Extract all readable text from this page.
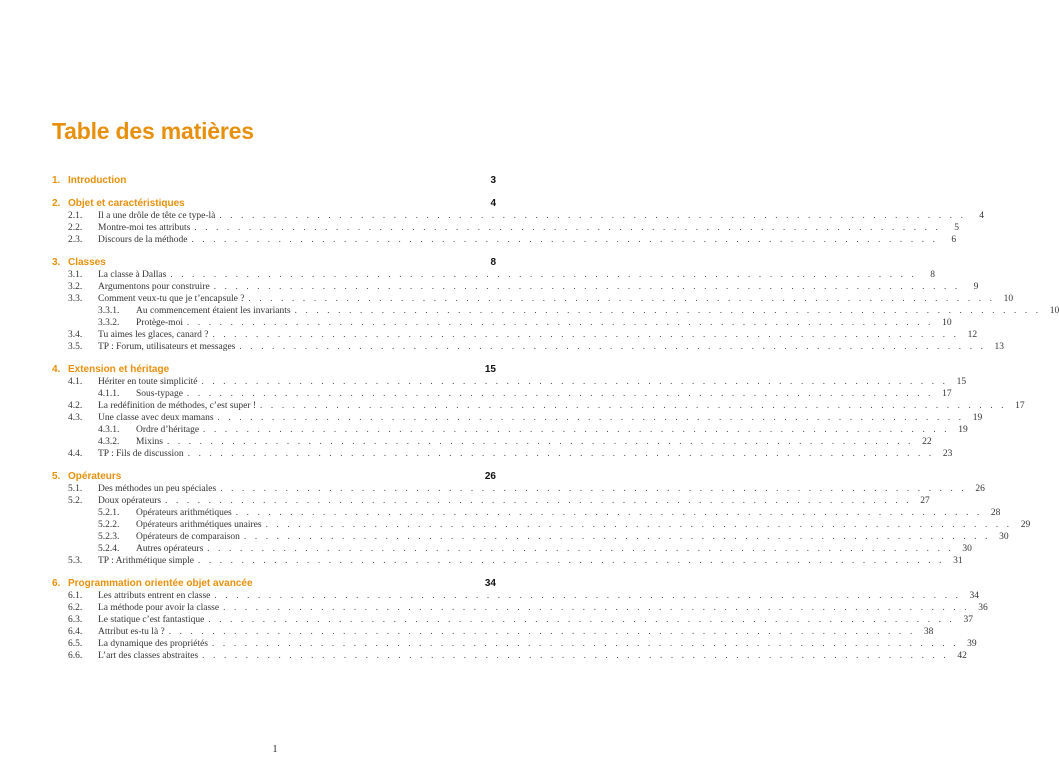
Table des matières
1. Introduction	3
2. Objet et caractéristiques	4
2.1.	Il a une drôle de tête ce type-là . . . . . . . . . . . . . . . . . . . . . . . . . . . . . . . . . . . . . . . . . . . . . . . . . . . . . . . . . . . . . . . . . . . . .	4
2.2.	Montre-moi tes attributs . . . . . . . . . . . . . . . . . . . . . . . . . . . . . . . . . . . . . . . . . . . . . . . . . . . . . . . . . . . . . . . . . . . . .	5
2.3.	Discours de la méthode . . . . . . . . . . . . . . . . . . . . . . . . . . . . . . . . . . . . . . . . . . . . . . . . . . . . . . . . . . . . . . . . . . . . .	6
3. Classes	8
3.1.	La classe à Dallas . . . . . . . . . . . . . . . . . . . . . . . . . . . . . . . . . . . . . . . . . . . . . . . . . . . . . . . . . . . . . . . . . . . . .	8
3.2.	Argumentons pour construire . . . . . . . . . . . . . . . . . . . . . . . . . . . . . . . . . . . . . . . . . . . . . . . . . . . . . . . . . . . . . . . . . . . . .	9
3.3.	Comment veux-tu que je t’encapsule ? . . . . . . . . . . . . . . . . . . . . . . . . . . . . . . . . . . . . . . . . . . . . . . . . . . . . . . . . . . . . . . . . . . . . . 10
3.3.1.	Au commencement étaient les invariants . . . . . . . . . . . . . . . . . . . . . . . . . . . . . . . . . . . . . . . . . . . . . . . . . . . . . . . . . . . . . . . . . . . . . 10
3.3.2.	Protège-moi . . . . . . . . . . . . . . . . . . . . . . . . . . . . . . . . . . . . . . . . . . . . . . . . . . . . . . . . . . . . . . . . . . . . . 10
3.4.	Tu aimes les glaces, canard ? . . . . . . . . . . . . . . . . . . . . . . . . . . . . . . . . . . . . . . . . . . . . . . . . . . . . . . . . . . . . . . . . . . . . . 12
3.5.	TP : Forum, utilisateurs et messages . . . . . . . . . . . . . . . . . . . . . . . . . . . . . . . . . . . . . . . . . . . . . . . . . . . . . . . . . . . . . . . . . . . . . 13
4. Extension et héritage	15
4.1.	Hériter en toute simplicité . . . . . . . . . . . . . . . . . . . . . . . . . . . . . . . . . . . . . . . . . . . . . . . . . . . . . . . . . . . . . . . . . . . . . 15
4.1.1.	Sous-typage . . . . . . . . . . . . . . . . . . . . . . . . . . . . . . . . . . . . . . . . . . . . . . . . . . . . . . . . . . . . . . . . . . . . . 17
4.2.	La redéfinition de méthodes, c’est super ! . . . . . . . . . . . . . . . . . . . . . . . . . . . . . . . . . . . . . . . . . . . . . . . . . . . . . . . . . . . . . . . . . . . . . 17
4.3.	Une classe avec deux mamans . . . . . . . . . . . . . . . . . . . . . . . . . . . . . . . . . . . . . . . . . . . . . . . . . . . . . . . . . . . . . . . . . . . . . 19
4.3.1.	Ordre d’héritage . . . . . . . . . . . . . . . . . . . . . . . . . . . . . . . . . . . . . . . . . . . . . . . . . . . . . . . . . . . . . . . . . . . . . 19
4.3.2.	Mixins . . . . . . . . . . . . . . . . . . . . . . . . . . . . . . . . . . . . . . . . . . . . . . . . . . . . . . . . . . . . . . . . . . . . . 22
4.4.	TP : Fils de discussion . . . . . . . . . . . . . . . . . . . . . . . . . . . . . . . . . . . . . . . . . . . . . . . . . . . . . . . . . . . . . . . . . . . . . 23
5. Opérateurs	26
5.1.	Des méthodes un peu spéciales . . . . . . . . . . . . . . . . . . . . . . . . . . . . . . . . . . . . . . . . . . . . . . . . . . . . . . . . . . . . . . . . . . . . . 26
5.2.	Doux opérateurs . . . . . . . . . . . . . . . . . . . . . . . . . . . . . . . . . . . . . . . . . . . . . . . . . . . . . . . . . . . . . . . . . . . . . 27
5.2.1.	Opérateurs arithmétiques . . . . . . . . . . . . . . . . . . . . . . . . . . . . . . . . . . . . . . . . . . . . . . . . . . . . . . . . . . . . . . . . . . . . . 28
5.2.2.	Opérateurs arithmétiques unaires . . . . . . . . . . . . . . . . . . . . . . . . . . . . . . . . . . . . . . . . . . . . . . . . . . . . . . . . . . . . . . . . . . . . . 29
5.2.3.	Opérateurs de comparaison . . . . . . . . . . . . . . . . . . . . . . . . . . . . . . . . . . . . . . . . . . . . . . . . . . . . . . . . . . . . . . . . . . . . . 30
5.2.4.	Autres opérateurs . . . . . . . . . . . . . . . . . . . . . . . . . . . . . . . . . . . . . . . . . . . . . . . . . . . . . . . . . . . . . . . . . . . . . 30
5.3.	TP : Arithmétique simple . . . . . . . . . . . . . . . . . . . . . . . . . . . . . . . . . . . . . . . . . . . . . . . . . . . . . . . . . . . . . . . . . . . . . 31
6. Programmation orientée objet avancée	34
6.1.	Les attributs entrent en classe . . . . . . . . . . . . . . . . . . . . . . . . . . . . . . . . . . . . . . . . . . . . . . . . . . . . . . . . . . . . . . . . . . . . . 34
6.2.	La méthode pour avoir la classe . . . . . . . . . . . . . . . . . . . . . . . . . . . . . . . . . . . . . . . . . . . . . . . . . . . . . . . . . . . . . . . . . . . . . 36
6.3.	Le statique c’est fantastique . . . . . . . . . . . . . . . . . . . . . . . . . . . . . . . . . . . . . . . . . . . . . . . . . . . . . . . . . . . . . . . . . . . . . 37
6.4.	Attribut es-tu là ? . . . . . . . . . . . . . . . . . . . . . . . . . . . . . . . . . . . . . . . . . . . . . . . . . . . . . . . . . . . . . . . . . . . . . 38
6.5.	La dynamique des propriétés . . . . . . . . . . . . . . . . . . . . . . . . . . . . . . . . . . . . . . . . . . . . . . . . . . . . . . . . . . . . . . . . . . . . . 39
6.6.	L’art des classes abstraites . . . . . . . . . . . . . . . . . . . . . . . . . . . . . . . . . . . . . . . . . . . . . . . . . . . . . . . . . . . . . . . . . . . . . 42
1
